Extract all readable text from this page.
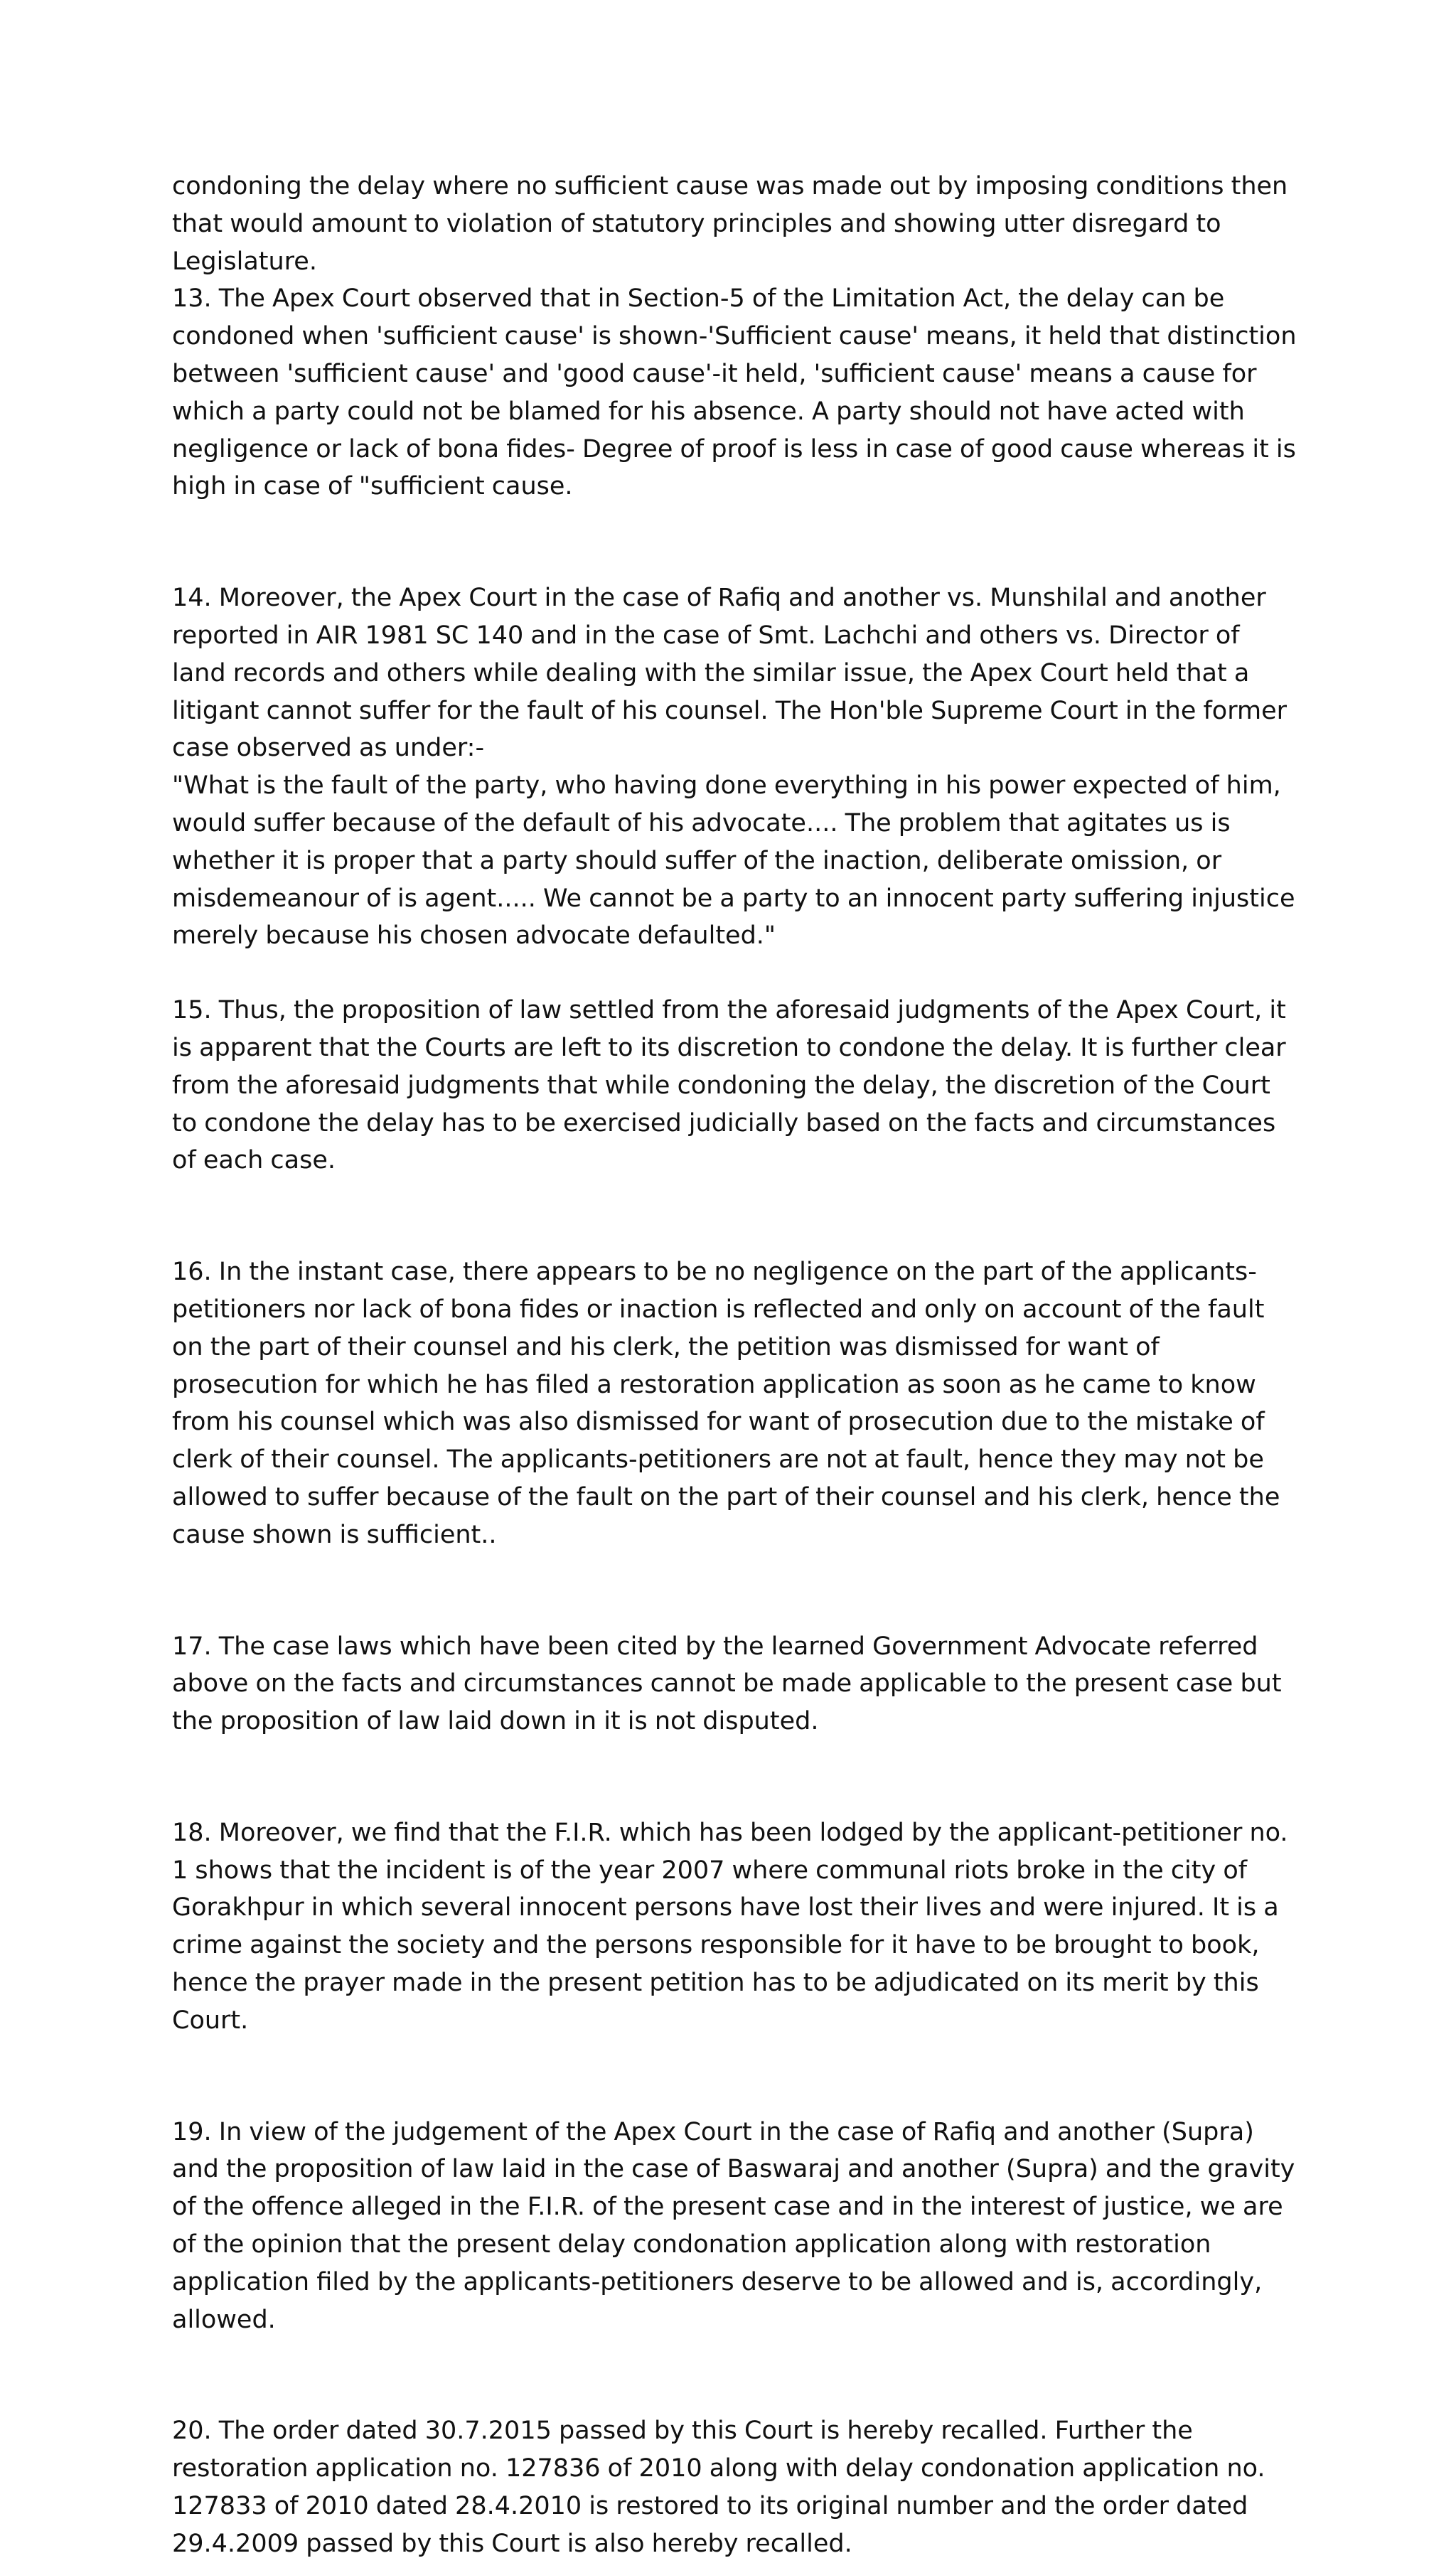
condoning the delay where no sufficient cause was made out by imposing conditions then that would amount to violation of statutory principles and showing utter disregard to Legislature.

13. The Apex Court observed that in Section-5 of the Limitation Act, the delay can be condoned when 'sufficient cause' is shown-'Sufficient cause' means, it held that distinction between 'sufficient cause' and 'good cause'-it held, 'sufficient cause' means a cause for which a party could not be blamed for his absence. A party should not have acted with negligence or lack of bona fides- Degree of proof is less in case of good cause whereas it is high in case of "sufficient cause.

14. Moreover, the Apex Court in the case of Rafiq and another vs. Munshilal and another reported in AIR 1981 SC 140 and in the case of Smt. Lachchi and others vs. Director of land records and others while dealing with the similar issue, the Apex Court held that a litigant cannot suffer for the fault of his counsel. The Hon'ble Supreme Court in the former case observed as under:-

"What is the fault of the party, who having done everything in his power expected of him, would suffer because of the default of his advocate.... The problem that agitates us is whether it is proper that a party should suffer of the inaction, deliberate omission, or misdemeanour of is agent..... We cannot be a party to an innocent party suffering injustice merely because his chosen advocate defaulted."

15. Thus, the proposition of law settled from the aforesaid judgments of the Apex Court, it is apparent that the Courts are left to its discretion to condone the delay. It is further clear from the aforesaid judgments that while condoning the delay, the discretion of the Court to condone the delay has to be exercised judicially based on the facts and circumstances of each case.

16. In the instant case, there appears to be no negligence on the part of the applicants-petitioners nor lack of bona fides or inaction is reflected and only on account of the fault on the part of their counsel and his clerk, the petition was dismissed for want of prosecution for which he has filed a restoration application as soon as he came to know from his counsel which was also dismissed for want of prosecution due to the mistake of clerk of their counsel. The applicants-petitioners are not at fault, hence they may not be allowed to suffer because of the fault on the part of their counsel and his clerk, hence the cause shown is sufficient..

17. The case laws which have been cited by the learned Government Advocate referred above on the facts and circumstances cannot be made applicable to the present case but the proposition of law laid down in it is not disputed.

18. Moreover, we find that the F.I.R. which has been lodged by the applicant-petitioner no. 1 shows that the incident is of the year 2007 where communal riots broke in the city of Gorakhpur in which several innocent persons have lost their lives and were injured. It is a crime against the society and the persons responsible for it have to be brought to book, hence the prayer made in the present petition has to be adjudicated on its merit by this Court.

19. In view of the judgement of the Apex Court in the case of Rafiq and another (Supra) and the proposition of law laid in the case of Baswaraj and another (Supra) and the gravity of the offence alleged in the F.I.R. of the present case and in the interest of justice, we are of the opinion that the present delay condonation application along with restoration application filed by the applicants-petitioners deserve to be allowed and is, accordingly, allowed.

20. The order dated 30.7.2015 passed by this Court is hereby recalled. Further the restoration application no. 127836 of 2010 along with delay condonation application no. 127833 of 2010 dated 28.4.2010 is restored to its original number and the order dated 29.4.2009 passed by this Court is also hereby recalled.
